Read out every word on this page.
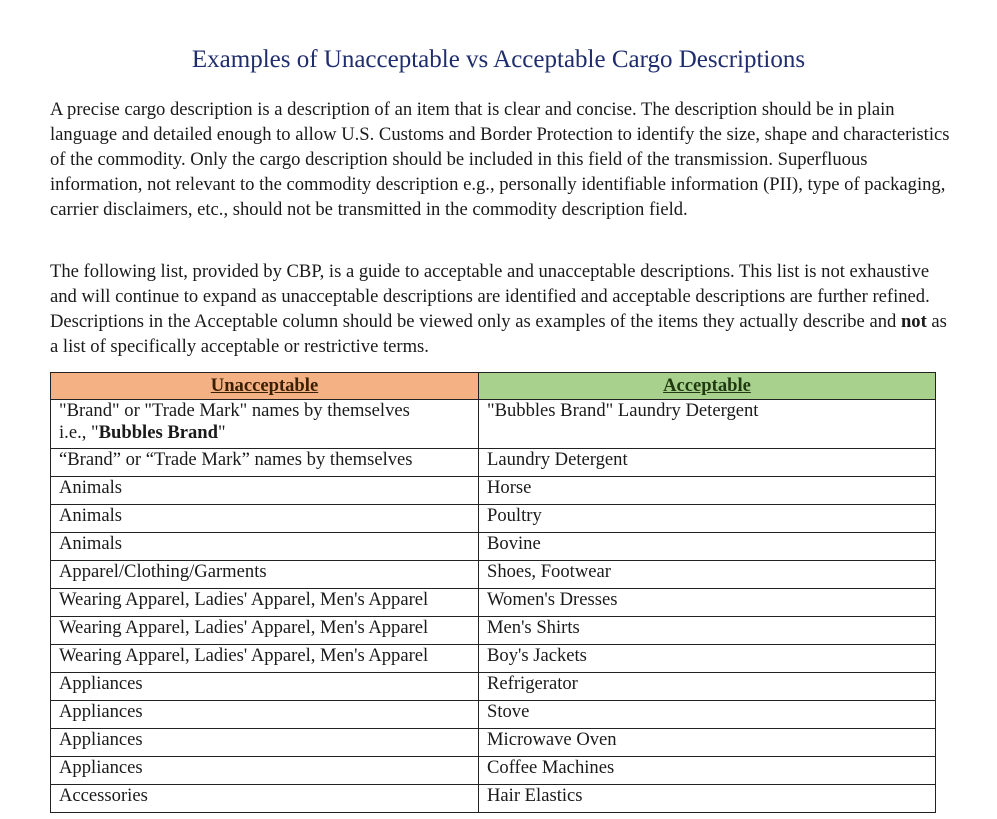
Examples of Unacceptable vs Acceptable Cargo Descriptions

A precise cargo description is a description of an item that is clear and concise. The description should be in plain language and detailed enough to allow U.S. Customs and Border Protection to identify the size, shape and characteristics of the commodity. Only the cargo description should be included in this field of the transmission. Superfluous information, not relevant to the commodity description e.g., personally identifiable information (PII), type of packaging, carrier disclaimers, etc., should not be transmitted in the commodity description field.

The following list, provided by CBP, is a guide to acceptable and unacceptable descriptions. This list is not exhaustive and will continue to expand as unacceptable descriptions are identified and acceptable descriptions are further refined. Descriptions in the Acceptable column should be viewed only as examples of the items they actually describe and not as a list of specifically acceptable or restrictive terms.

Unacceptable	Acceptable
"Brand" or "Trade Mark" names by themselves
i.e., "Bubbles Brand"	"Bubbles Brand" Laundry Detergent
“Brand” or “Trade Mark” names by themselves	Laundry Detergent
Animals	Horse
Animals	Poultry
Animals	Bovine
Apparel/Clothing/Garments	Shoes, Footwear
Wearing Apparel, Ladies' Apparel, Men's Apparel	Women's Dresses
Wearing Apparel, Ladies' Apparel, Men's Apparel	Men's Shirts
Wearing Apparel, Ladies' Apparel, Men's Apparel	Boy's Jackets
Appliances	Refrigerator
Appliances	Stove
Appliances	Microwave Oven
Appliances	Coffee Machines
Accessories	Hair Elastics
